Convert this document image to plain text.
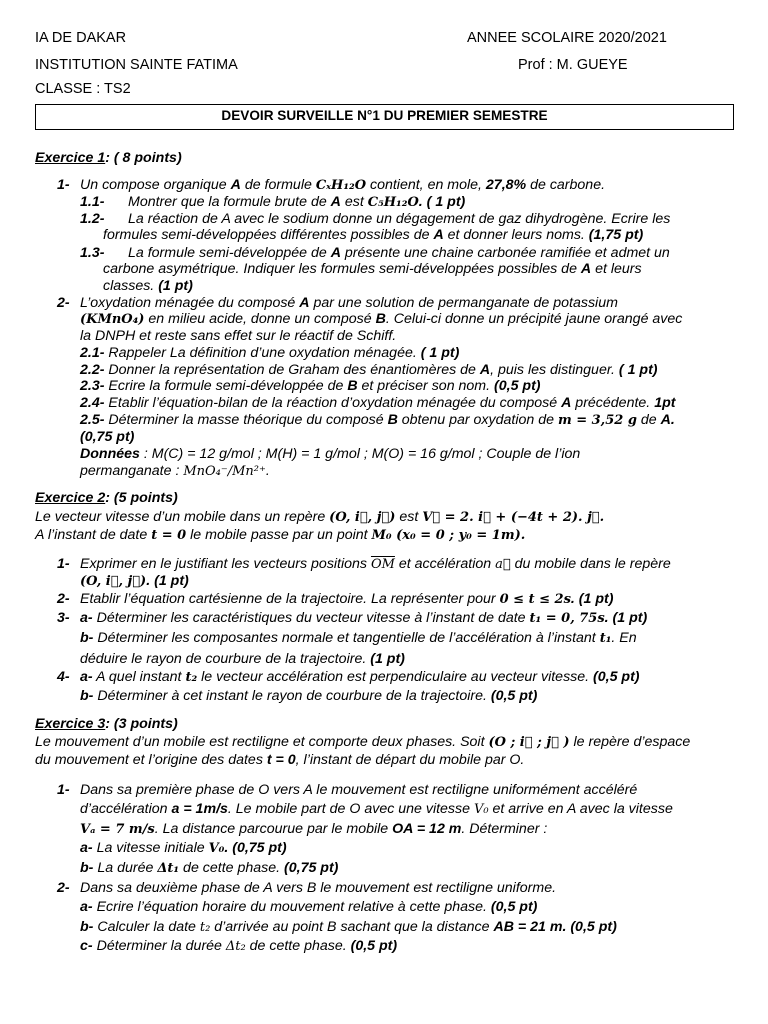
IA DE DAKAR
INSTITUTION SAINTE FATIMA
CLASSE : TS2
ANNEE SCOLAIRE 2020/2021
Prof : M. GUEYE
DEVOIR SURVEILLE N°1 DU PREMIER SEMESTRE
Exercice 1: ( 8 points)
1- Un compose organique A de formule CₓH₁₂O contient, en mole, 27,8% de carbone.
1.1- Montrer que la formule brute de A est C₅H₁₂O. ( 1 pt)
1.2- La réaction de A avec le sodium donne un dégagement de gaz dihydrogène. Ecrire les
formules semi-développées différentes possibles de A et donner leurs noms. (1,75 pt)
1.3- La formule semi-développée de A présente une chaine carbonée ramifiée et admet un
carbone asymétrique. Indiquer les formules semi-développées possibles de A et leurs
classes. (1 pt)
2- L’oxydation ménagée du composé A par une solution de permanganate de potassium
(KMnO₄) en milieu acide, donne un composé B. Celui-ci donne un précipité jaune orangé avec
la DNPH et reste sans effet sur le réactif de Schiff.
2.1- Rappeler La définition d’une oxydation ménagée. ( 1 pt)
2.2- Donner la représentation de Graham des énantiomères de A, puis les distinguer. ( 1 pt)
2.3- Ecrire la formule semi-développée de B et préciser son nom. (0,5 pt)
2.4- Etablir l’équation-bilan de la réaction d’oxydation ménagée du composé A précédente. 1pt
2.5- Déterminer la masse théorique du composé B obtenu par oxydation de m = 3,52 g de A.
(0,75 pt)
Données : M(C) = 12 g/mol ; M(H) = 1 g/mol ; M(O) = 16 g/mol ; Couple de l’ion
permanganate : MnO₄⁻/Mn²⁺.
Exercice 2: (5 points)
Le vecteur vitesse d’un mobile dans un repère (O, i⃗, j⃗) est V⃗ = 2. i⃗ + (−4t + 2). j⃗.
A l’instant de date t = 0 le mobile passe par un point M₀ (x₀ = 0 ; y₀ = 1m).
1- Exprimer en le justifiant les vecteurs positions $\overline{OM}$ et accélération a⃗ du mobile dans le repère
(O, i⃗, j⃗). (1 pt)
2- Etablir l’équation cartésienne de la trajectoire. La représenter pour 0 ≤ t ≤ 2s. (1 pt)
3- a- Déterminer les caractéristiques du vecteur vitesse à l’instant de date t₁ = 0, 75s. (1 pt)
b- Déterminer les composantes normale et tangentielle de l’accélération à l’instant t₁. En
déduire le rayon de courbure de la trajectoire. (1 pt)
4- a- A quel instant t₂ le vecteur accélération est perpendiculaire au vecteur vitesse. (0,5 pt)
b- Déterminer à cet instant le rayon de courbure de la trajectoire. (0,5 pt)
Exercice 3: (3 points)
Le mouvement d’un mobile est rectiligne et comporte deux phases. Soit (O ; i⃗ ; j⃗ ) le repère d’espace
du mouvement et l’origine des dates t = 0, l’instant de départ du mobile par O.
1- Dans sa première phase de O vers A le mouvement est rectiligne uniformément accéléré
d’accélération a = 1m/s. Le mobile part de O avec une vitesse V₀ et arrive en A avec la vitesse
Vₐ = 7 m/s. La distance parcourue par le mobile OA = 12 m. Déterminer :
a- La vitesse initiale V₀. (0,75 pt)
b- La durée Δt₁ de cette phase. (0,75 pt)
2- Dans sa deuxième phase de A vers B le mouvement est rectiligne uniforme.
a- Ecrire l’équation horaire du mouvement relative à cette phase. (0,5 pt)
b- Calculer la date t₂ d’arrivée au point B sachant que la distance AB = 21 m. (0,5 pt)
c- Déterminer la durée Δt₂ de cette phase. (0,5 pt)
